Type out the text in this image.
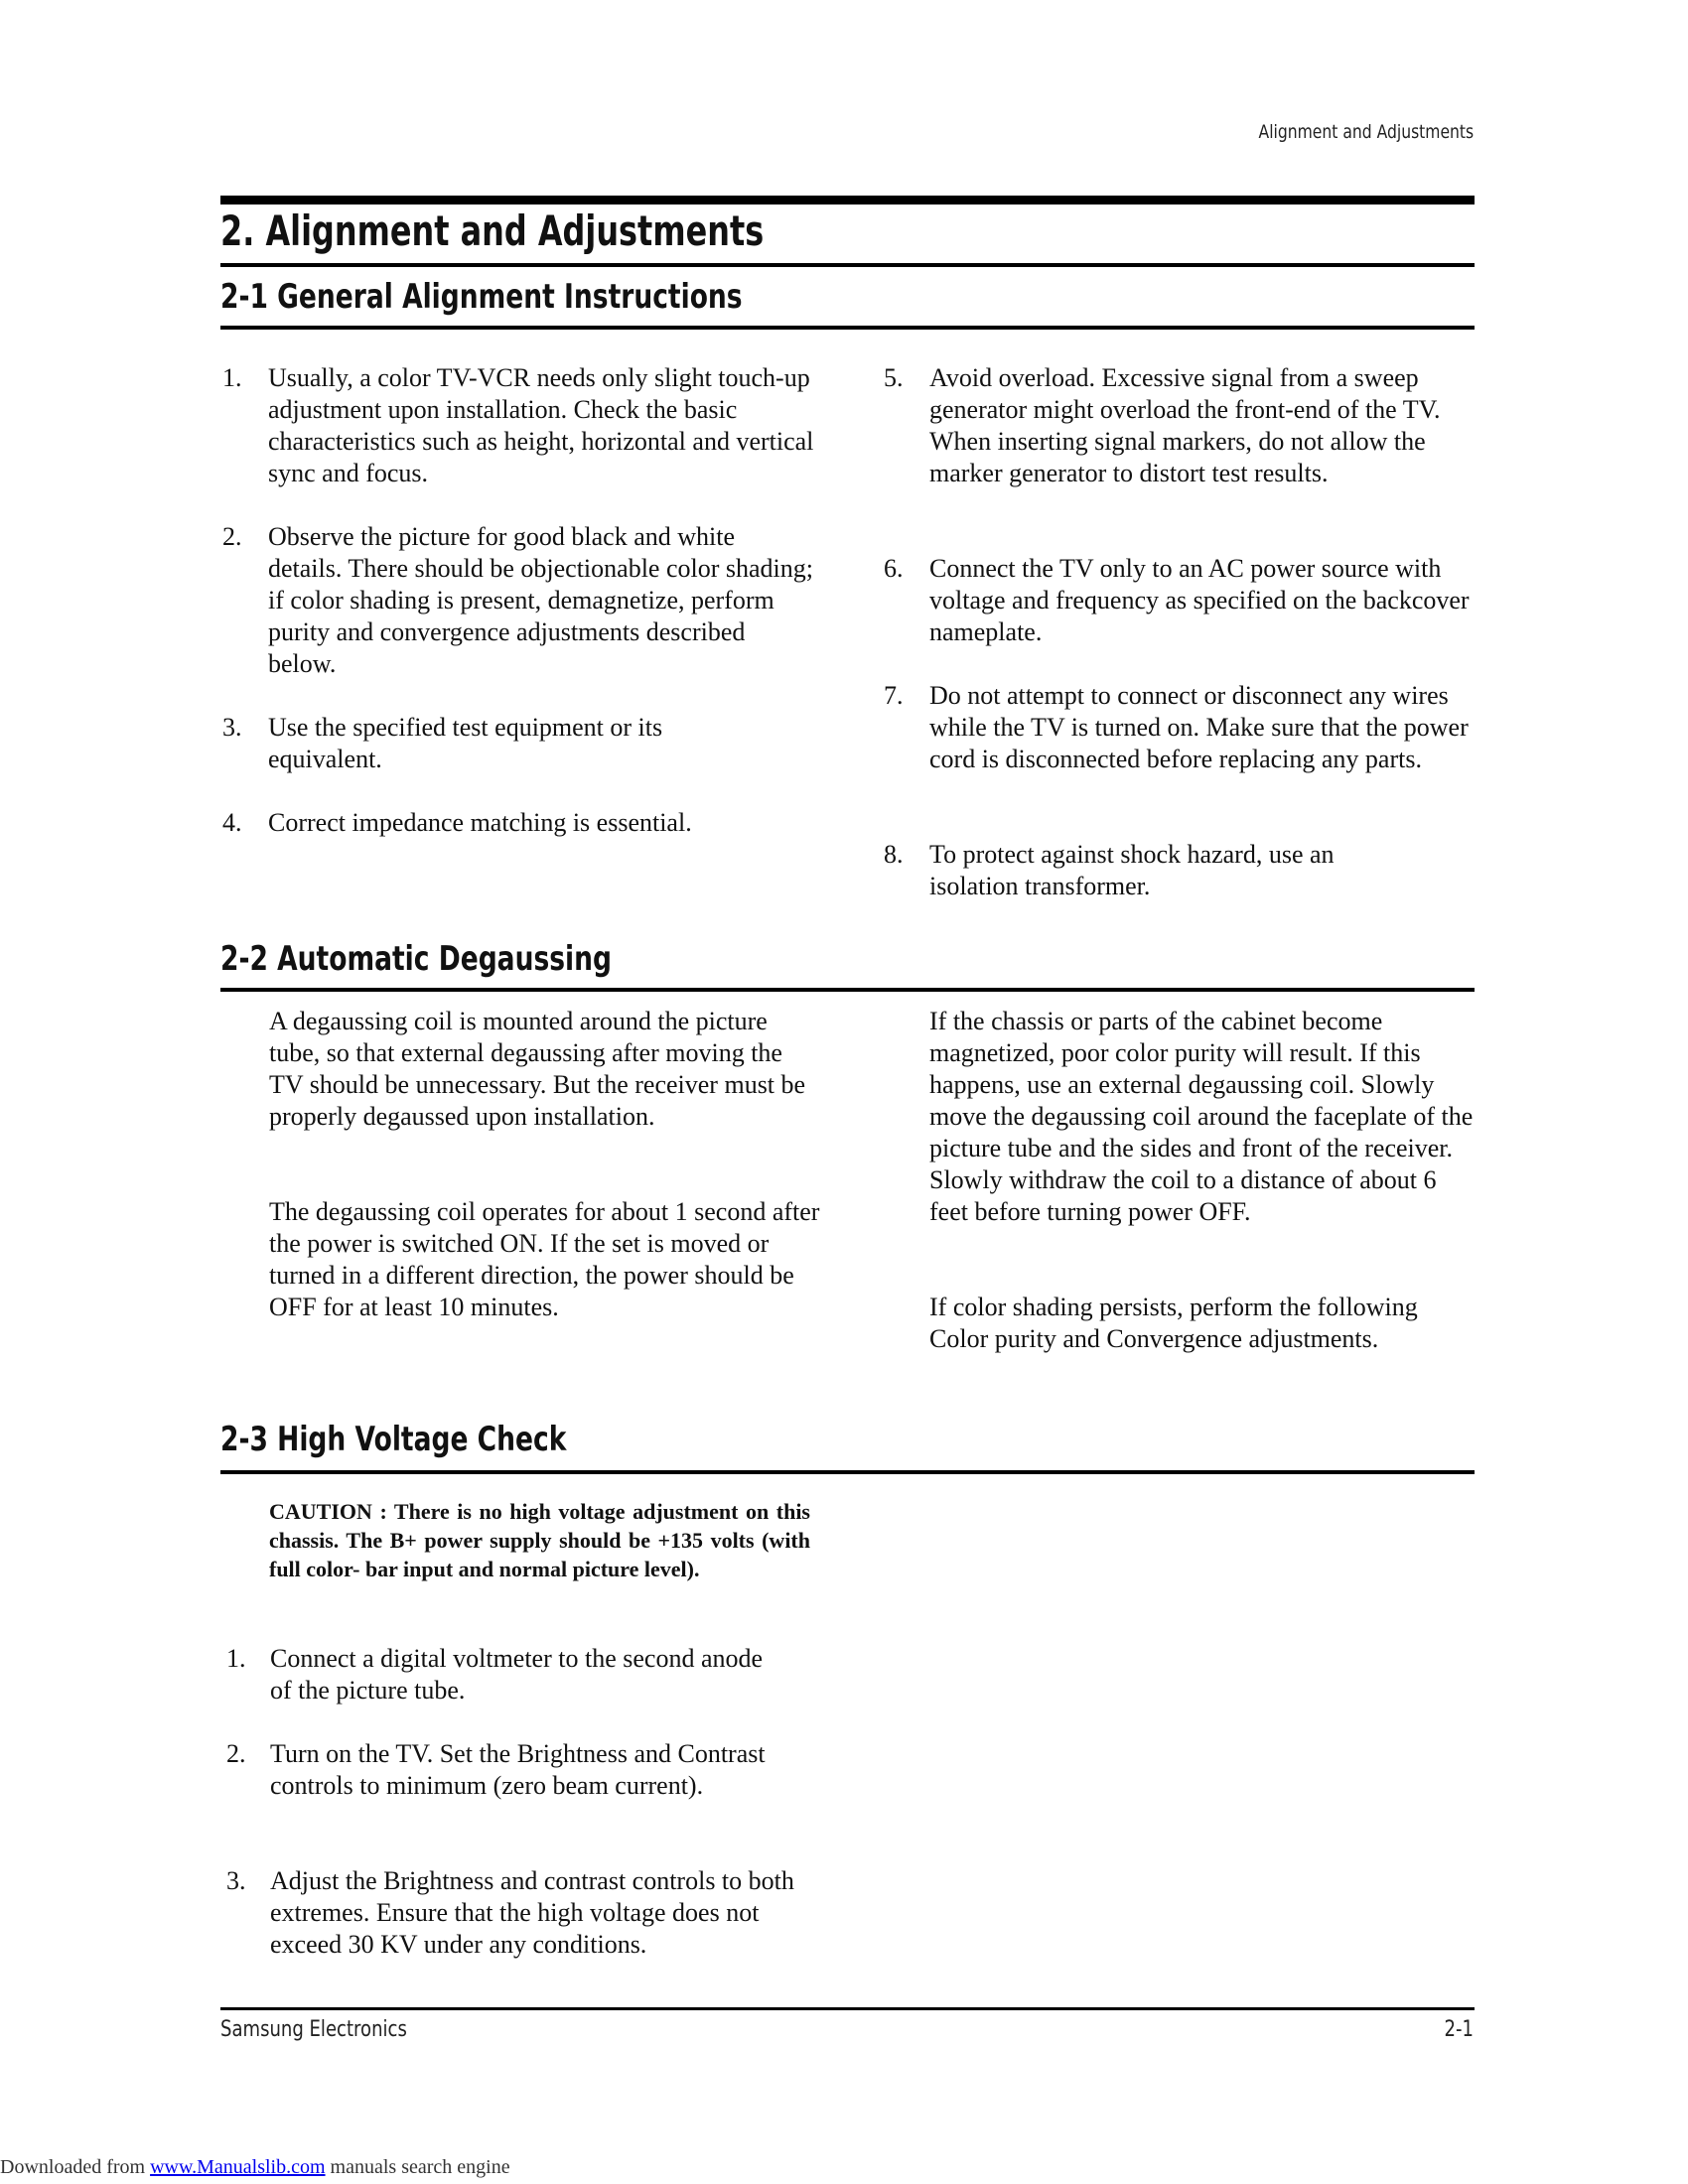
Alignment and Adjustments
2. Alignment and Adjustments
2-1 General Alignment Instructions
1. Usually, a color TV-VCR needs only slight touch-up adjustment upon installation. Check the basic characteristics such as height, horizontal and vertical sync and focus.
2. Observe the picture for good black and white details. There should be objectionable color shading; if color shading is present, demagnetize, perform purity and convergence adjustments described below.
3. Use the specified test equipment or its equivalent.
4. Correct impedance matching is essential.
5. Avoid overload. Excessive signal from a sweep generator might overload the front-end of the TV. When inserting signal markers, do not allow the marker generator to distort test results.
6. Connect the TV only to an AC power source with voltage and frequency as specified on the backcover nameplate.
7. Do not attempt to connect or disconnect any wires while the TV is turned on. Make sure that the power cord is disconnected before replacing any parts.
8. To protect against shock hazard, use an isolation transformer.
2-2 Automatic Degaussing
A degaussing coil is mounted around the picture tube, so that external degaussing after moving the TV should be unnecessary. But the receiver must be properly degaussed upon installation.
The degaussing coil operates for about 1 second after the power is switched ON. If the set is moved or turned in a different direction, the power should be OFF for at least 10 minutes.
If the chassis or parts of the cabinet become magnetized, poor color purity will result. If this happens, use an external degaussing coil. Slowly move the degaussing coil around the faceplate of the picture tube and the sides and front of the receiver. Slowly withdraw the coil to a distance of about 6 feet before turning power OFF.
If color shading persists, perform the following Color purity and Convergence adjustments.
2-3 High Voltage Check
CAUTION : There is no high voltage adjustment on this chassis. The B+ power supply should be +135 volts (with full color- bar input and normal picture level).
1. Connect a digital voltmeter to the second anode of the picture tube.
2. Turn on the TV. Set the Brightness and Contrast controls to minimum (zero beam current).
3. Adjust the Brightness and contrast controls to both extremes. Ensure that the high voltage does not exceed 30 KV under any conditions.
Samsung Electronics	2-1
Downloaded from www.Manualslib.com manuals search engine
